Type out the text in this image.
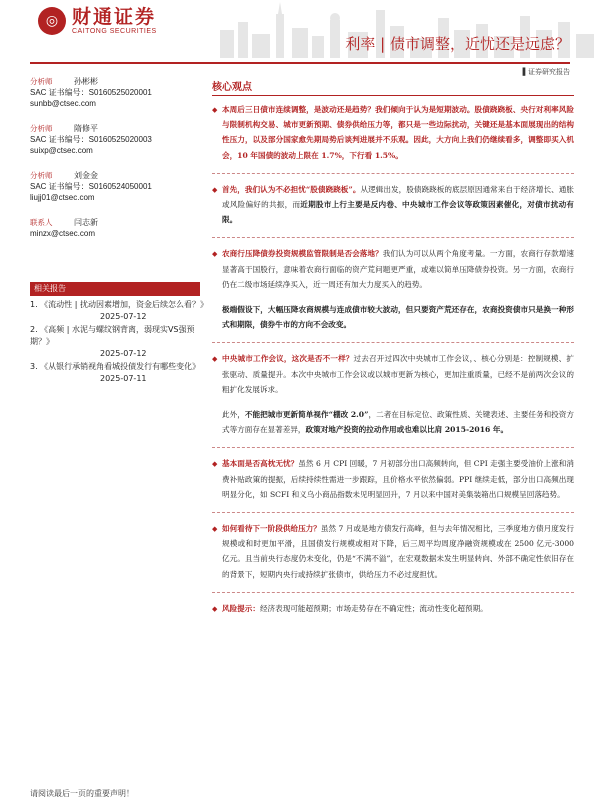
◎ 财通证券
CAITONG SECURITIES
利率 | 债市调整，近忧还是远虑？
▌证券研究报告
分析师	孙彬彬
SAC 证书编号：S0160525020001
sunbb@ctsec.com
分析师	隋修平
SAC 证书编号：S0160525020003
suixp@ctsec.com
分析师	刘金金
SAC 证书编号：S0160524050001
liujj01@ctsec.com
联系人	闫志新
minzx@ctsec.com
相关报告
1. 《流动性 | 扰动因素增加，资金后续怎么看？》
2025-07-12
2. 《高频 | 水泥与螺纹钢背离，弱现实VS强预期？》
2025-07-12
3. 《从银行承销视角看城投债发行有哪些变化》
2025-07-11
核心观点
◆ 本周后三日债市连续调整，是波动还是趋势？我们倾向于认为是短期波动。股债跷跷板、央行对利率风险与限制机构交易、城市更新预期、债券供给压力等，都只是一些边际扰动，关键还是基本面展现出的结构性压力，以及部分国家愈先期局势后谈判进展并不乐观。因此，大方向上我们仍继续看多，调整即买入机会，10 年国债的波动上限在 1.7%，下行看 1.5%。
◆ 首先，我们认为不必担忧“股债跷跷板”。从逻辑出发，股债跷跷板的底层原因通常来自于经济增长、通胀或风险偏好的共振，而近期股市上行主要是反内卷、中央城市工作会议等政策因素催化，对债市扰动有限。
◆ 农商行压降债券投资规模监管限制是否会落地？我们认为可以从两个角度考量。一方面，农商行存款增速显著高于国股行，意味着农商行面临的资产荒问题更严重，或难以简单压降债券投资。另一方面，农商行仍在二级市场延续净买入，近一周还有加大力度买入的趋势。
极端假设下，大幅压降农商规模与连成债市较大波动，但只要资产荒还存在，农商投资债市只是换一种形式和期限，债券牛市的方向不会改变。
◆ 中央城市工作会议，这次是否不一样？过去召开过四次中央城市工作会议，、核心分别是：控制规模、扩张驱动、质量提升。本次中央城市工作会议或以城市更新为核心，更加注重质量，已经不是前两次会议的粗扩化发展诉求。
此外，不能把城市更新简单视作“棚改 2.0”，二者在目标定位、政策性质、关键表述、主要任务和投资方式等方面存在显著差异，政策对地产投资的拉动作用或也难以比肩 2015-2016 年。
◆ 基本面是否高枕无忧？虽然 6 月 CPI 回暖，7 月初部分出口高频转向，但 CPI 走强主要受油价上涨和消费补贴政策的提振，后续持续性需进一步跟踪，且价格水平依然偏弱。PPI 继续走低，部分出口高频出现明显分化，如 SCFI 和义乌小商品指数未见明显回升，7 月以来中国对美集装箱出口规模呈回落趋势。
◆ 如何看待下一阶段供给压力？虽然 7 月或是地方债发行高峰，但与去年情况相比，三季度地方债月度发行规模或和时更加平滑，且国债发行规模或相对下降，后三周平均周度净融资规模或在 2500 亿元-3000 亿元。且当前央行态度仍未变化，仍是“不满不溢”，在宏观数据未发生明显转向、外部不确定性依旧存在的背景下，短期内央行或持续扩张债市，供给压力不必过度担忧。
◆ 风险提示：经济表现可能超预期；市场走势存在不确定性；流动性变化超预期。
请阅读最后一页的重要声明！
